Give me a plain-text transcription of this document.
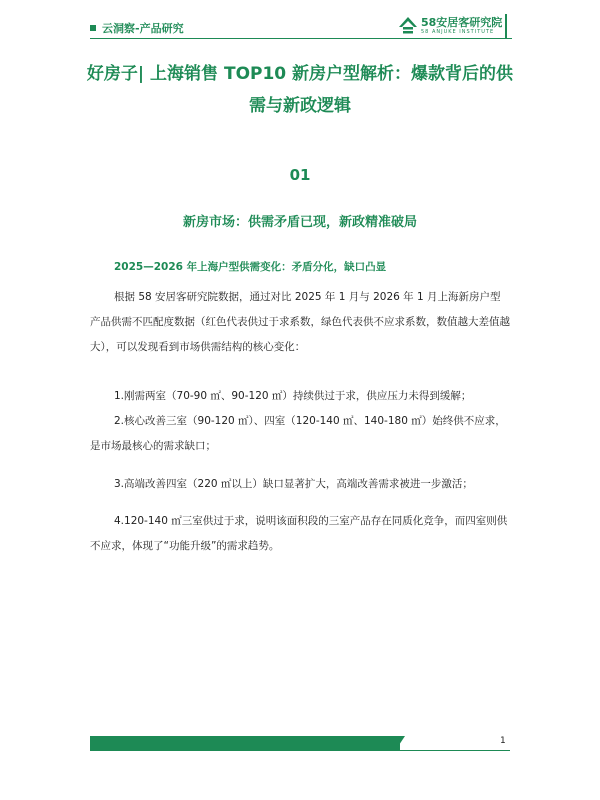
云洞察-产品研究	58安居客研究院
58 ANJUKE INSTITUTE
好房子| 上海销售 TOP10 新房户型解析：爆款背后的供需与新政逻辑
01
新房市场：供需矛盾已现，新政精准破局
2025—2026 年上海户型供需变化：矛盾分化，缺口凸显

根据 58 安居客研究院数据，通过对比 2025 年 1 月与 2026 年 1 月上海新房户型产品供需不匹配度数据（红色代表供过于求系数，绿色代表供不应求系数，数值越大差值越大），可以发现看到市场供需结构的核心变化：

1.刚需两室（70-90 ㎡、90-120 ㎡）持续供过于求，供应压力未得到缓解；

2.核心改善三室（90-120 ㎡）、四室（120-140 ㎡、140-180 ㎡）始终供不应求，是市场最核心的需求缺口；

3.高端改善四室（220 ㎡以上）缺口显著扩大，高端改善需求被进一步激活；

4.120-140 ㎡三室供过于求，说明该面积段的三室产品存在同质化竞争，而四室则供不应求，体现了“功能升级”的需求趋势。

1
